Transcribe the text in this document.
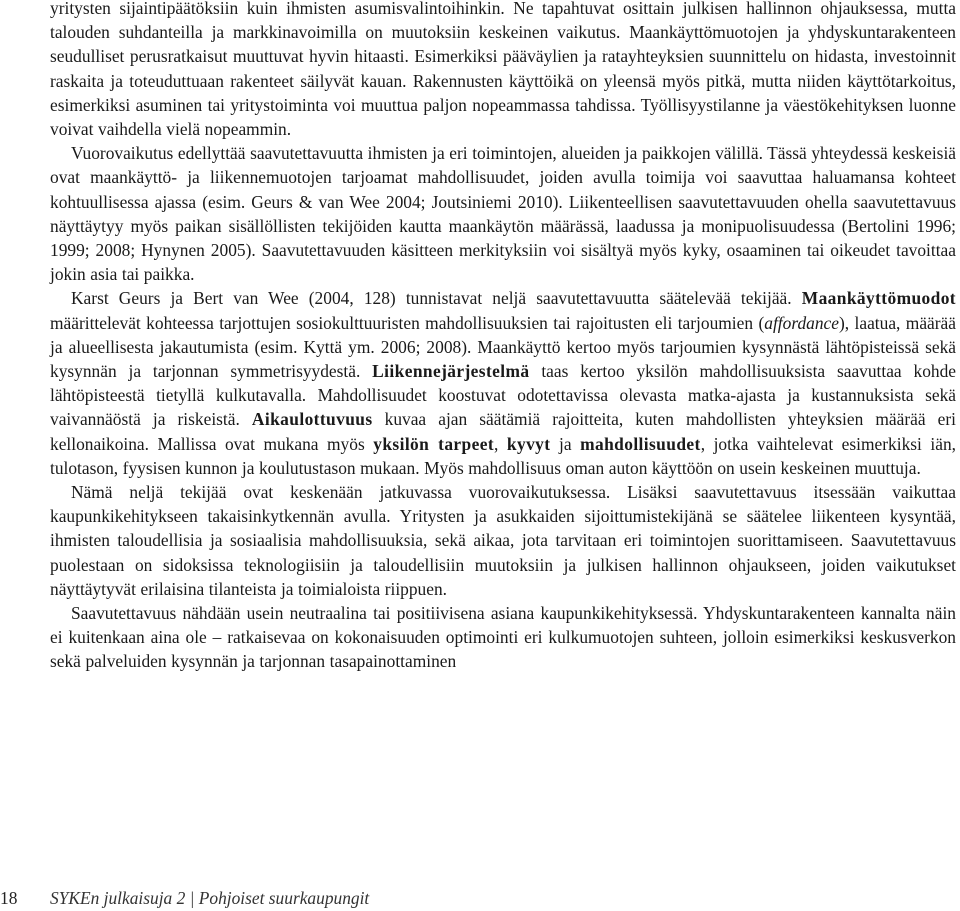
yritysten sijaintipäätöksiin kuin ihmisten asumisvalintoihinkin. Ne tapahtuvat osittain julkisen hallinnon ohjauksessa, mutta talouden suhdanteilla ja markkinavoimilla on muutoksiin keskeinen vaikutus. Maankäyttömuotojen ja yhdyskuntarakenteen seudulliset perusratkaisut muuttuvat hyvin hitaasti. Esimerkiksi pääväylien ja ratayhteyksien suunnittelu on hidasta, investoinnit raskaita ja toteuduttuaan rakenteet säilyvät kauan. Rakennusten käyttöikä on yleensä myös pitkä, mutta niiden käyttötarkoitus, esimerkiksi asuminen tai yritystoiminta voi muuttua paljon nopeammassa tahdissa. Työllisyystilanne ja väestökehityksen luonne voivat vaihdella vielä nopeammin.

Vuorovaikutus edellyttää saavutettavuutta ihmisten ja eri toimintojen, alueiden ja paikkojen välillä. Tässä yhteydessä keskeisiä ovat maankäyttö- ja liikennemuotojen tarjoamat mahdollisuudet, joiden avulla toimija voi saavuttaa haluamansa kohteet kohtuullisessa ajassa (esim. Geurs & van Wee 2004; Joutsiniemi 2010). Liikenteellisen saavutettavuuden ohella saavutettavuus näyttäytyy myös paikan sisällöllisten tekijöiden kautta maankäytön määrässä, laadussa ja monipuolisuudessa (Bertolini 1996; 1999; 2008; Hynynen 2005). Saavutettavuuden käsitteen merkityksiin voi sisältyä myös kyky, osaaminen tai oikeudet tavoittaa jokin asia tai paikka.

Karst Geurs ja Bert van Wee (2004, 128) tunnistavat neljä saavutettavuutta säätelevää tekijää. Maankäyttömuodot määrittelevät kohteessa tarjottujen sosiokulttuuristen mahdollisuuksien tai rajoitusten eli tarjoumien (affordance), laatua, määrää ja alueellisesta jakautumista (esim. Kyttä ym. 2006; 2008). Maankäyttö kertoo myös tarjoumien kysynnästä lähtöpisteissä sekä kysynnän ja tarjonnan symmetrisyydestä. Liikennejärjestelmä taas kertoo yksilön mahdollisuuksista saavuttaa kohde lähtöpisteestä tietyllä kulkutavalla. Mahdollisuudet koostuvat odotettavissa olevasta matka-ajasta ja kustannuksista sekä vaivannäöstä ja riskeistä. Aikaulottuvuus kuvaa ajan säätämiä rajoitteita, kuten mahdollisten yhteyksien määrää eri kellonaikoina. Mallissa ovat mukana myös yksilön tarpeet, kyvyt ja mahdollisuudet, jotka vaihtelevat esimerkiksi iän, tulotason, fyysisen kunnon ja koulutustason mukaan. Myös mahdollisuus oman auton käyttöön on usein keskeinen muuttuja.

Nämä neljä tekijää ovat keskenään jatkuvassa vuorovaikutuksessa. Lisäksi saavutettavuus itsessään vaikuttaa kaupunkikehitykseen takaisinkytkennän avulla. Yritysten ja asukkaiden sijoittumistekijänä se säätelee liikenteen kysyntää, ihmisten taloudellisia ja sosiaalisia mahdollisuuksia, sekä aikaa, jota tarvitaan eri toimintojen suorittamiseen. Saavutettavuus puolestaan on sidoksissa teknologiisiin ja taloudellisiin muutoksiin ja julkisen hallinnon ohjaukseen, joiden vaikutukset näyttäytyvät erilaisina tilanteista ja toimialoista riippuen.

Saavutettavuus nähdään usein neutraalina tai positiivisena asiana kaupunkikehityksessä. Yhdyskuntarakenteen kannalta näin ei kuitenkaan aina ole – ratkaisevaa on kokonaisuuden optimointi eri kulkumuotojen suhteen, jolloin esimerkiksi keskusverkon sekä palveluiden kysynnän ja tarjonnan tasapainottaminen

18 SYKEn julkaisuja 2 | Pohjoiset suurkaupungit
